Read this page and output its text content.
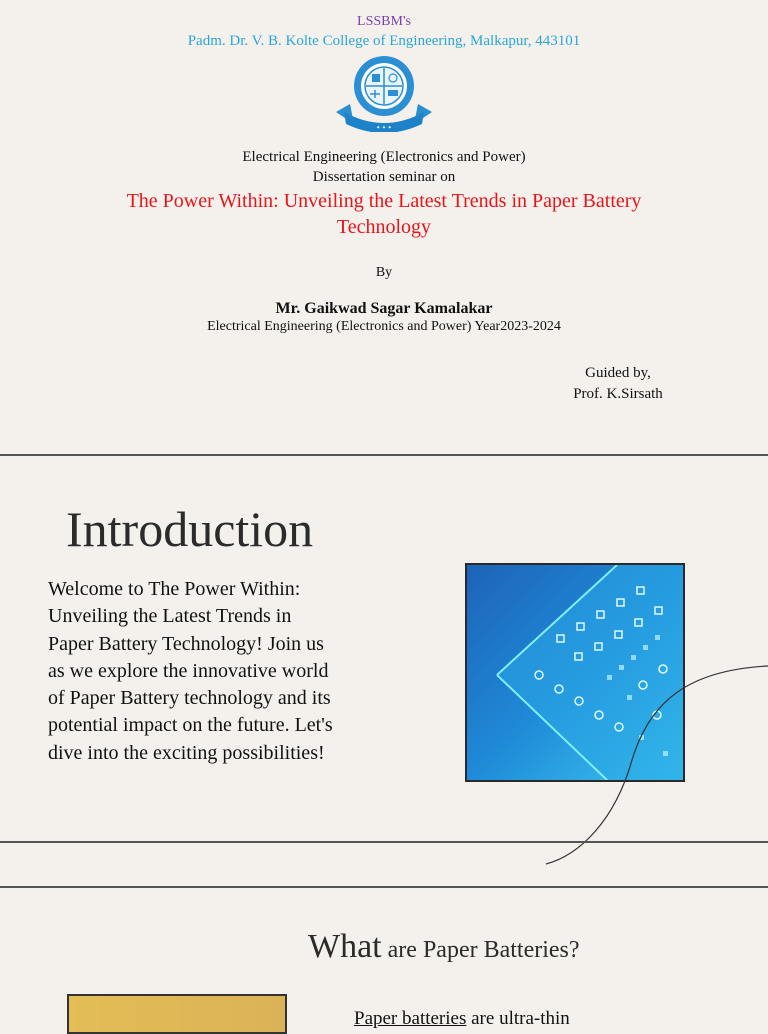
LSSBM's
Padm. Dr. V. B. Kolte College of Engineering, Malkapur, 443101
✦ ✦ ✦
Electrical Engineering (Electronics and Power)
Dissertation seminar on
The Power Within: Unveiling the Latest Trends in Paper Battery Technology
By
Mr. Gaikwad Sagar Kamalakar
Electrical Engineering (Electronics and Power) Year2023-2024
Guided by,
Prof. K.Sirsath
Introduction
Welcome to The Power Within: Unveiling the Latest Trends in Paper Battery Technology! Join us as we explore the innovative world of Paper Battery technology and its potential impact on the future. Let's dive into the exciting possibilities!
What are Paper Batteries?
Paper batteries are ultra-thin
